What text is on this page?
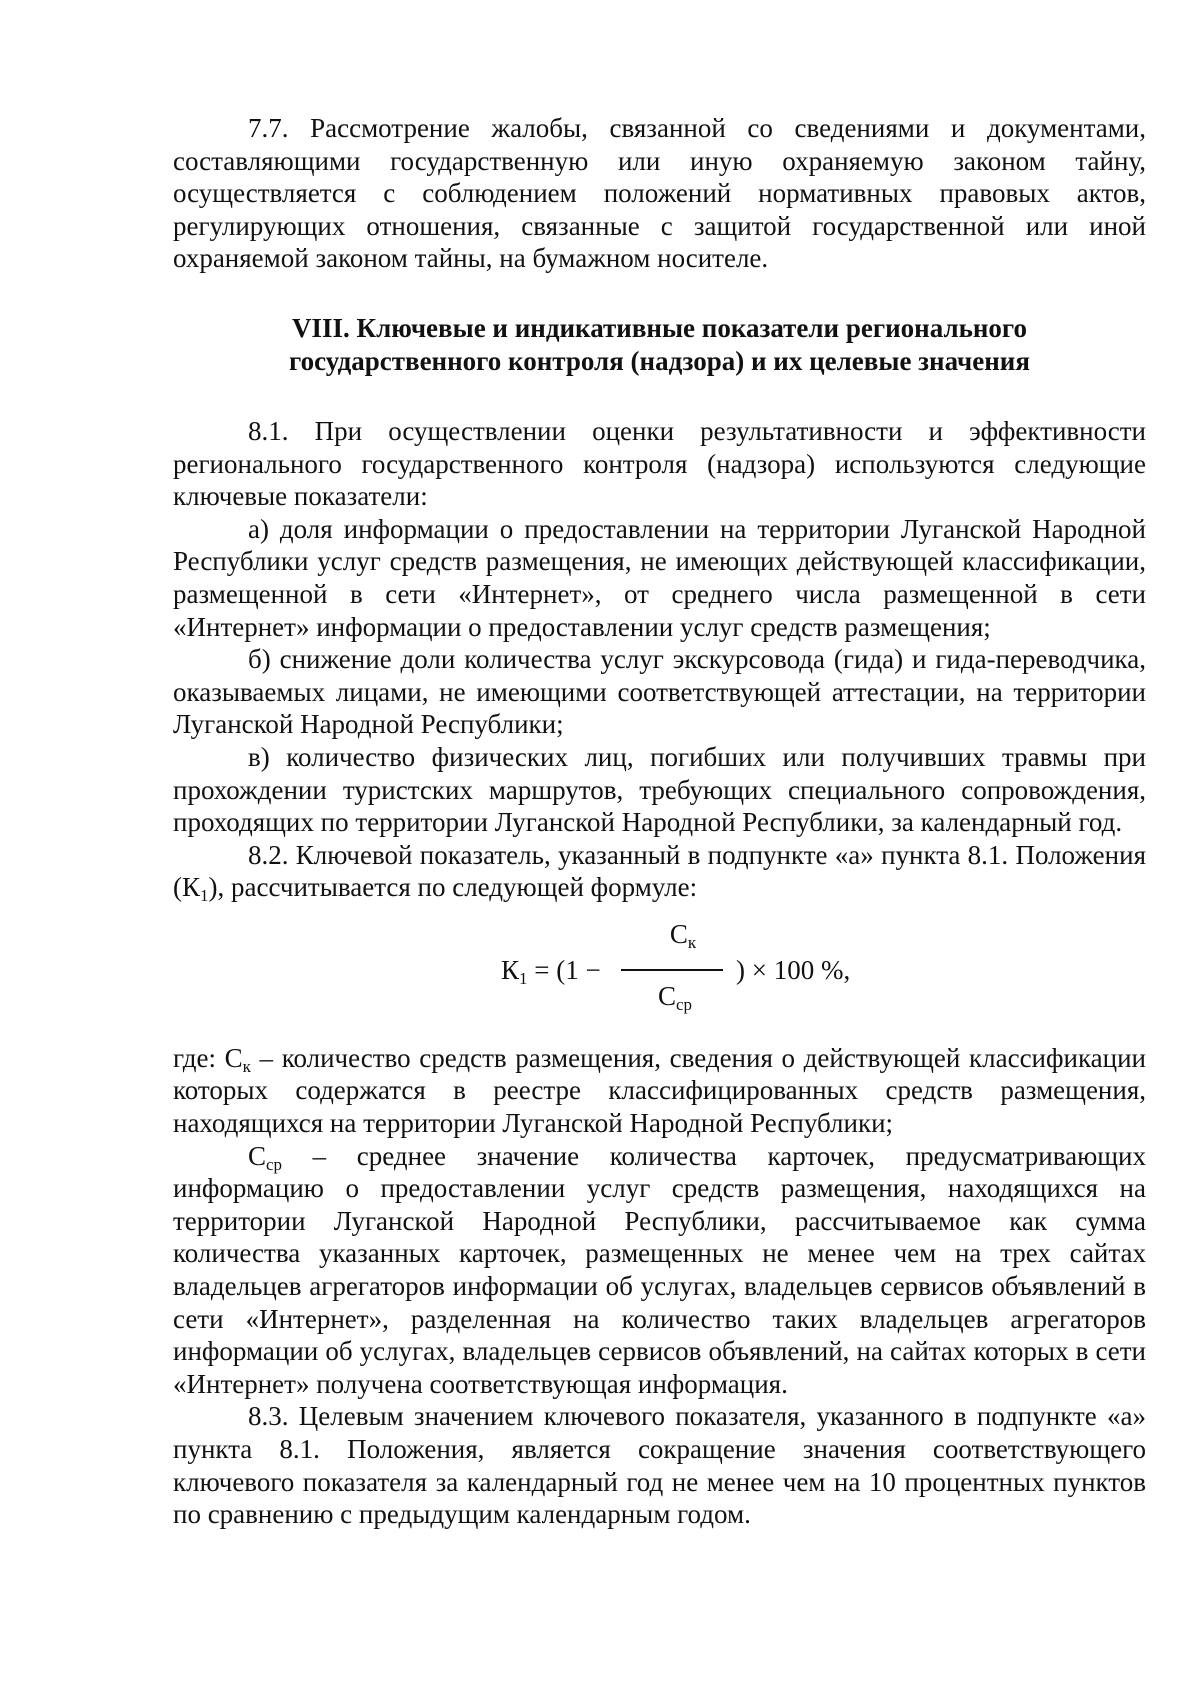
7.7. Рассмотрение жалобы, связанной со сведениями и документами, составляющими государственную или иную охраняемую законом тайну, осуществляется с соблюдением положений нормативных правовых актов, регулирующих отношения, связанные с защитой государственной или иной охраняемой законом тайны, на бумажном носителе.

VIII. Ключевые и индикативные показатели регионального
государственного контроля (надзора) и их целевые значения

8.1. При осуществлении оценки результативности и эффективности регионального государственного контроля (надзора) используются следующие ключевые показатели:

а) доля информации о предоставлении на территории Луганской Народной Республики услуг средств размещения, не имеющих действующей классификации, размещенной в сети «Интернет», от среднего числа размещенной в сети «Интернет» информации о предоставлении услуг средств размещения;

б) снижение доли количества услуг экскурсовода (гида) и гида-переводчика, оказываемых лицами, не имеющими соответствующей аттестации, на территории Луганской Народной Республики;

в) количество физических лиц, погибших или получивших травмы при прохождении туристских маршрутов, требующих специального сопровождения, проходящих по территории Луганской Народной Республики, за календарный год.

8.2. Ключевой показатель, указанный в подпункте «а» пункта 8.1. Положения $(К_1)$, рассчитывается по следующей формуле:

$К_1 = (1$ −
$С_к$
$С_{ср}$
) × 100 %,

где: $С_к$ – количество средств размещения, сведения о действующей классификации которых содержатся в реестре классифицированных средств размещения, находящихся на территории Луганской Народной Республики;

$С_{ср}$ – среднее значение количества карточек, предусматривающих информацию о предоставлении услуг средств размещения, находящихся на территории Луганской Народной Республики, рассчитываемое как сумма количества указанных карточек, размещенных не менее чем на трех сайтах владельцев агрегаторов информации об услугах, владельцев сервисов объявлений в сети «Интернет», разделенная на количество таких владельцев агрегаторов информации об услугах, владельцев сервисов объявлений, на сайтах которых в сети «Интернет» получена соответствующая информация.

8.3. Целевым значением ключевого показателя, указанного в подпункте «а» пункта 8.1. Положения, является сокращение значения соответствующего ключевого показателя за календарный год не менее чем на 10 процентных пунктов по сравнению с предыдущим календарным годом.
